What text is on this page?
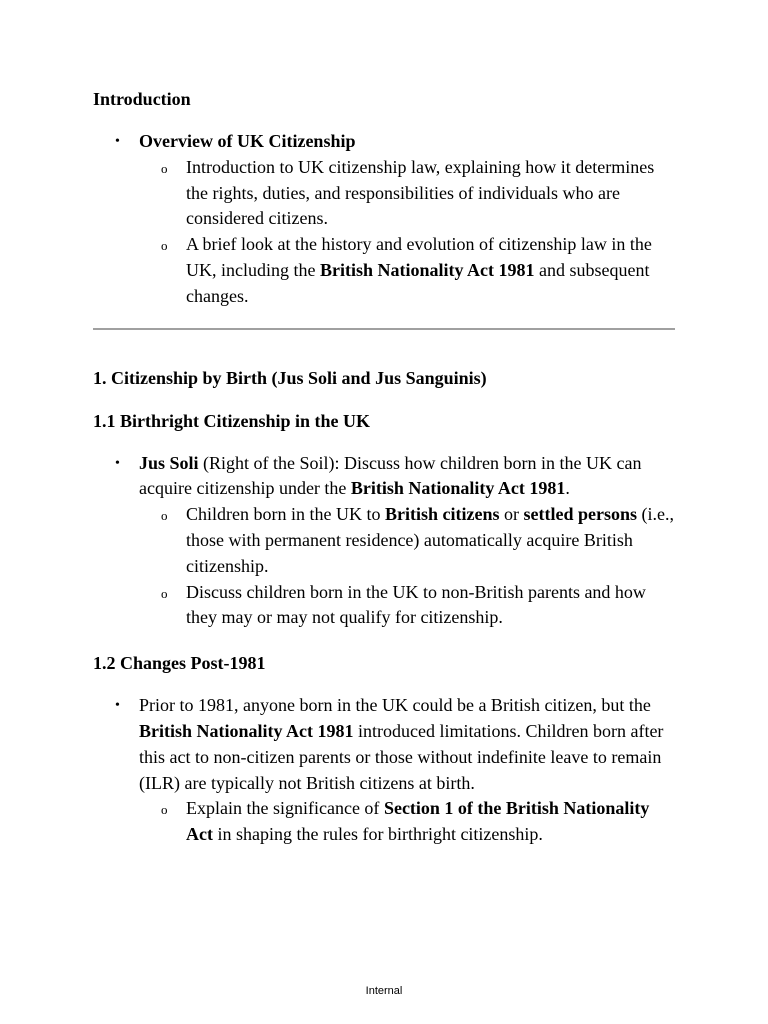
Introduction

• Overview of UK Citizenship
o Introduction to UK citizenship law, explaining how it determines the rights, duties, and responsibilities of individuals who are considered citizens.
o A brief look at the history and evolution of citizenship law in the UK, including the British Nationality Act 1981 and subsequent changes.

1. Citizenship by Birth (Jus Soli and Jus Sanguinis)

1.1 Birthright Citizenship in the UK

• Jus Soli (Right of the Soil): Discuss how children born in the UK can acquire citizenship under the British Nationality Act 1981.
o Children born in the UK to British citizens or settled persons (i.e., those with permanent residence) automatically acquire British citizenship.
o Discuss children born in the UK to non-British parents and how they may or may not qualify for citizenship.

1.2 Changes Post-1981

• Prior to 1981, anyone born in the UK could be a British citizen, but the British Nationality Act 1981 introduced limitations. Children born after this act to non-citizen parents or those without indefinite leave to remain (ILR) are typically not British citizens at birth.
o Explain the significance of Section 1 of the British Nationality Act in shaping the rules for birthright citizenship.
Internal
